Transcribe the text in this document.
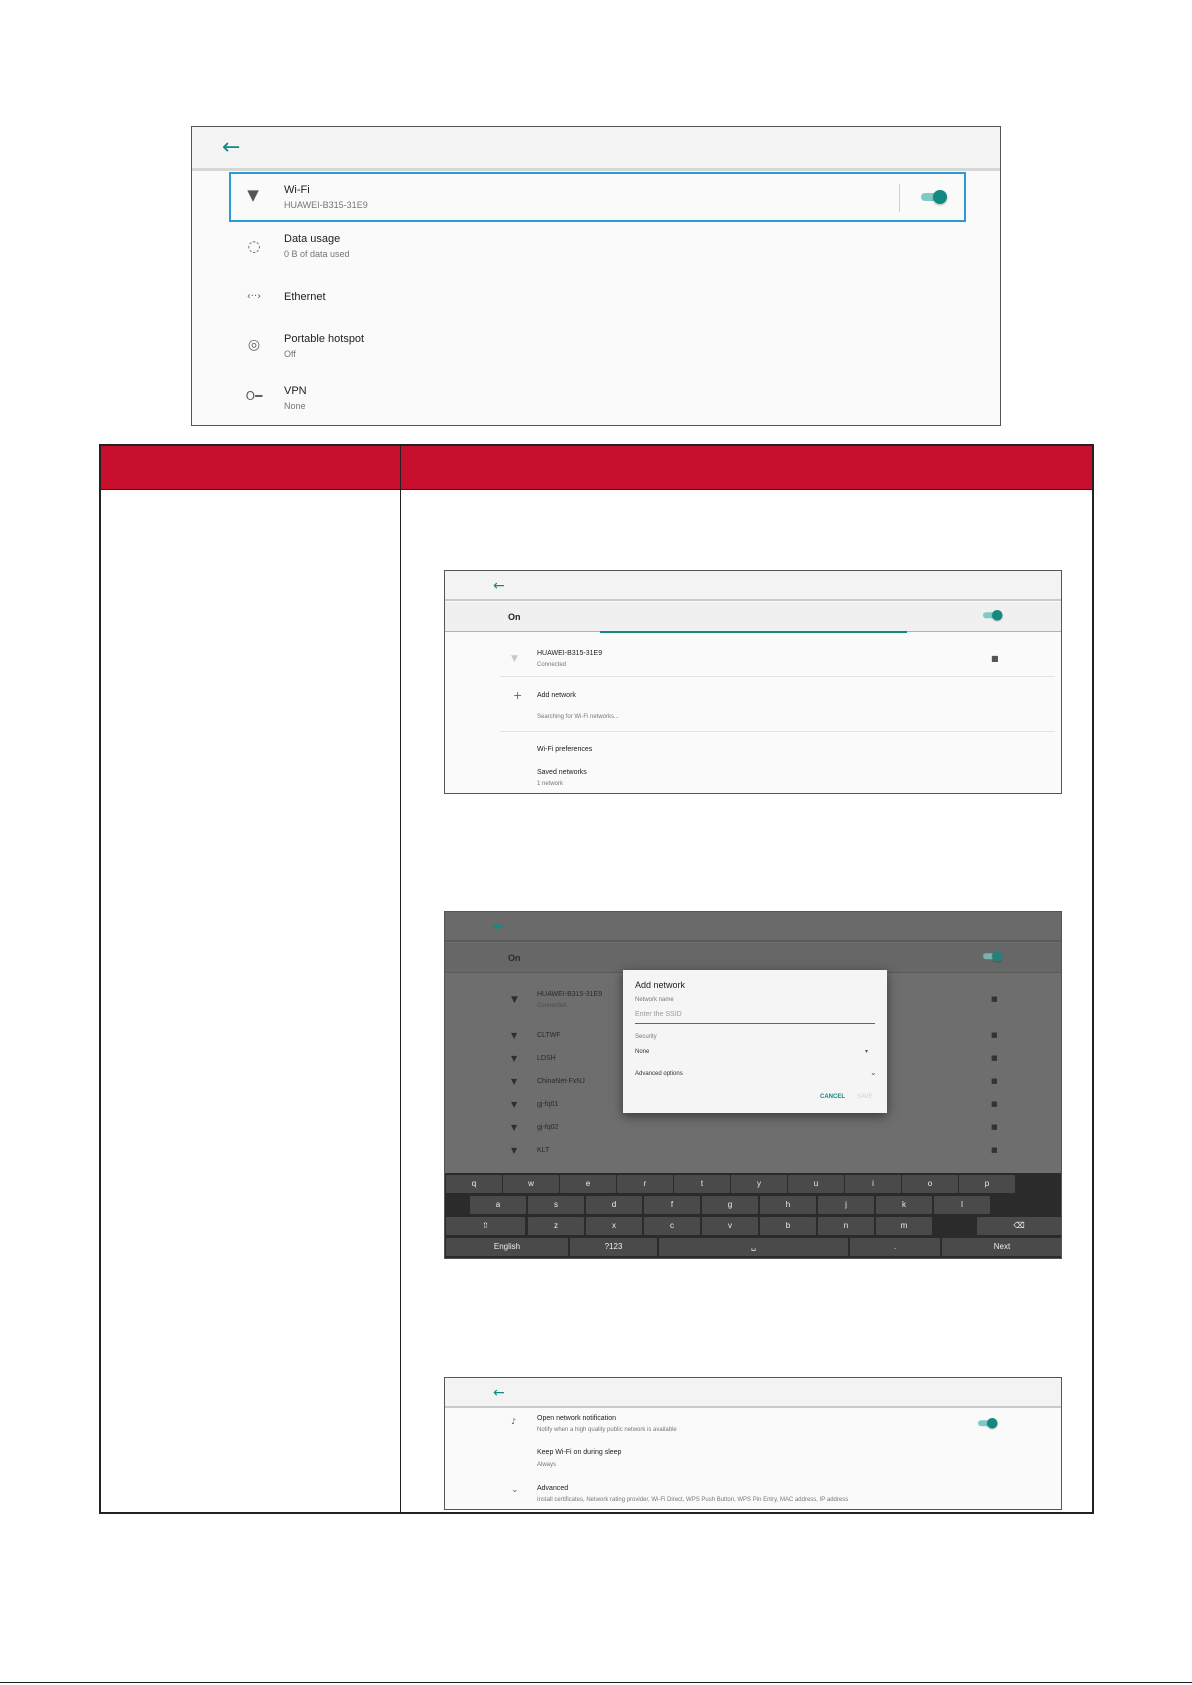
←
▼	Wi-Fi
HUAWEI-B315-31E9
◌	Data usage
0 B of data used
‹··›	Ethernet
◎	Portable hotspot
Off
O━	VPN
None
←
On
▼
HUAWEI-B315-31E9
Connected
■
+ Add network
Searching for Wi-Fi networks...
Wi-Fi preferences
Saved networks
1 network
←
On
▼
HUAWEI-B315-31E9
Connected
■
▼	CLTWF	■
▼	LDSH	■
▼	ChinaNet-FxNJ	■
▼	gj-fq01	■
▼	gj-fq02	■
▼	KLT	■
Add network
Network name
Enter the SSID
Security
None	▾
Advanced options	⌄
CANCEL SAVE
q	w	e	r	t	y	u	i	o	p
a	s	d	f	g	h	j	k	l
⇧	z	x	c	v	b	n	m	⌫
English	?123	␣	.	Next
←
♪	Open network notification
Notify when a high quality public network is available
Keep Wi-Fi on during sleep
Always
⌄	Advanced
Install certificates, Network rating provider, Wi-Fi Direct, WPS Push Button, WPS Pin Entry, MAC address, IP address
